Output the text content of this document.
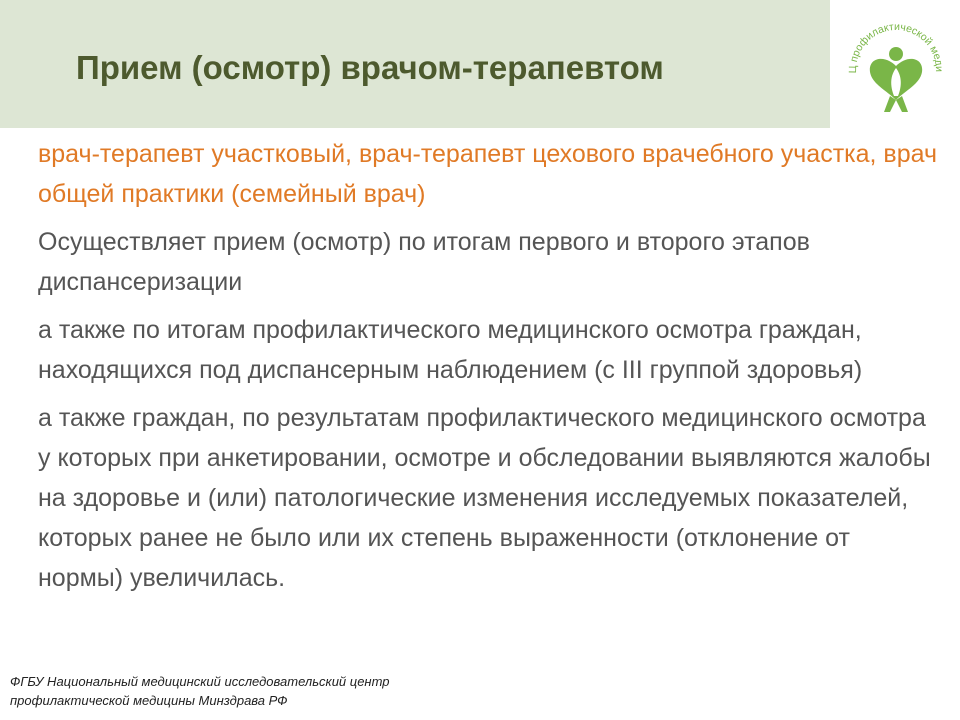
Прием (осмотр) врачом-терапевтом	Ц профилактической меди

врач-терапевт участковый, врач-терапевт цехового врачебного участка, врач общей практики (семейный врач)

Осуществляет прием (осмотр) по итогам первого и второго этапов диспансеризации

а также по итогам профилактического медицинского осмотра граждан, находящихся под диспансерным наблюдением (с III группой здоровья)

а также граждан, по результатам профилактического медицинского осмотра у которых при анкетировании, осмотре и обследовании выявляются жалобы на здоровье и (или) патологические изменения исследуемых показателей, которых ранее не было или их степень выраженности (отклонение от нормы) увеличилась.

ФГБУ Национальный медицинский исследовательский центр
профилактической медицины Минздрава РФ
